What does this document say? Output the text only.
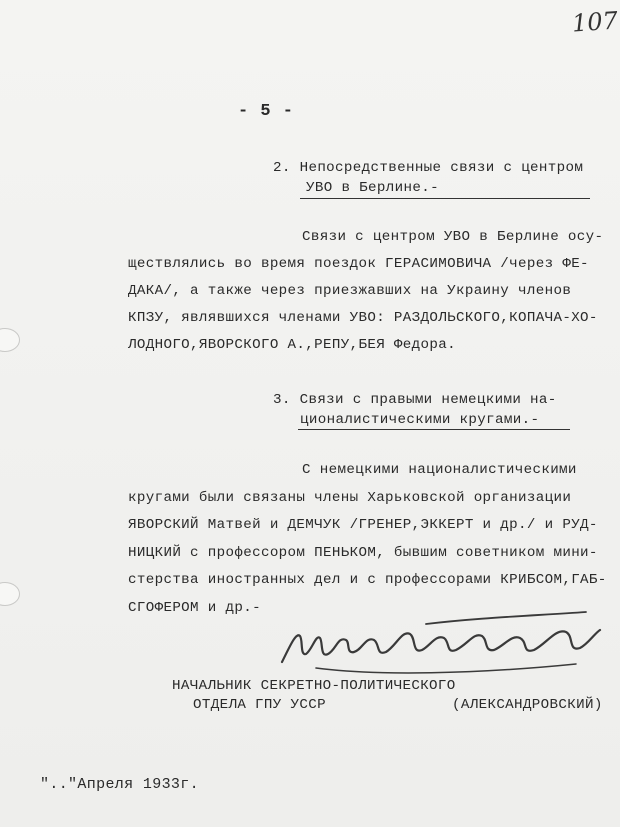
107
- 5 -
2. Непосредственные связи с центром
УВО в Берлине.-
Связи с центром УВО в Берлине осу-
ществлялись во время поездок ГЕРАСИМОВИЧА /через ФЕ-
ДАКА/, а также через приезжавших на Украину членов
КПЗУ, являвшихся членами УВО: РАЗДОЛЬСКОГО,КОПАЧА-ХО-
ЛОДНОГО,ЯВОРСКОГО А.,РЕПУ,БЕЯ Федора.
3. Связи с правыми немецкими на-
ционалистическими кругами.-
С немецкими националистическими
кругами были связаны члены Харьковской организации
ЯВОРСКИЙ Матвей и ДЕМЧУК /ГРЕНЕР,ЭККЕРТ и др./ и РУД-
НИЦКИЙ с профессором ПЕНЬКОМ, бывшим советником мини-
стерства иностранных дел и с профессорами КРИБСОМ,ГАБ-
СГОФЕРОМ и др.-
НАЧАЛЬНИК СЕКРЕТНО-ПОЛИТИЧЕСКОГО
ОТДЕЛА ГПУ УССР	(АЛЕКСАНДРОВСКИЙ)
".."Апреля 1933г.
